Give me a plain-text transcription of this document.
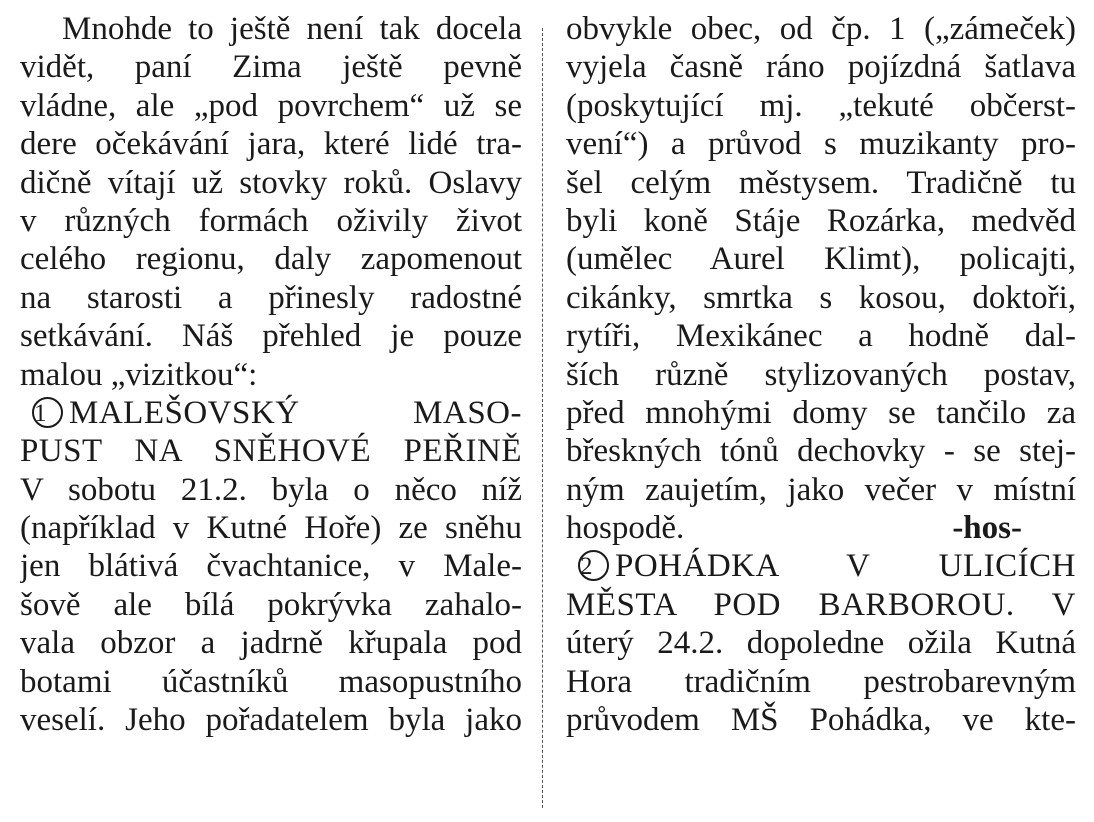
Mnohde to ještě není tak docela
vidět, paní Zima ještě pevně
vládne, ale „pod povrchem“ už se
dere očekávání jara, které lidé tra-
dičně vítají už stovky roků. Oslavy
v různých formách oživily život
celého regionu, daly zapomenout
na starosti a přinesly radostné
setkávání. Náš přehled je pouze
malou „vizitkou“:
1 MALEŠOVSKÝ MASO-
PUST NA SNĚHOVÉ PEŘINĚ
V sobotu 21.2. byla o něco níž
(například v Kutné Hoře) ze sněhu
jen blátivá čvachtanice, v Male-
šově ale bílá pokrývka zahalo-
vala obzor a jadrně křupala pod
botami účastníků masopustního
veselí. Jeho pořadatelem byla jako
obvykle obec, od čp. 1 („zámeček)
vyjela časně ráno pojízdná šatlava
(poskytující mj. „tekuté občerst-
vení“) a průvod s muzikanty pro-
šel celým městysem. Tradičně tu
byli koně Stáje Rozárka, medvěd
(umělec Aurel Klimt), policajti,
cikánky, smrtka s kosou, doktoři,
rytíři, Mexikánec a hodně dal-
ších různě stylizovaných postav,
před mnohými domy se tančilo za
břeskných tónů dechovky - se stej-
ným zaujetím, jako večer v místní
hospodě.	-hos-
2 POHÁDKA V ULICÍCH
MĚSTA POD BARBOROU. V
úterý 24.2. dopoledne ožila Kutná
Hora tradičním pestrobarevným
průvodem MŠ Pohádka, ve kte-
